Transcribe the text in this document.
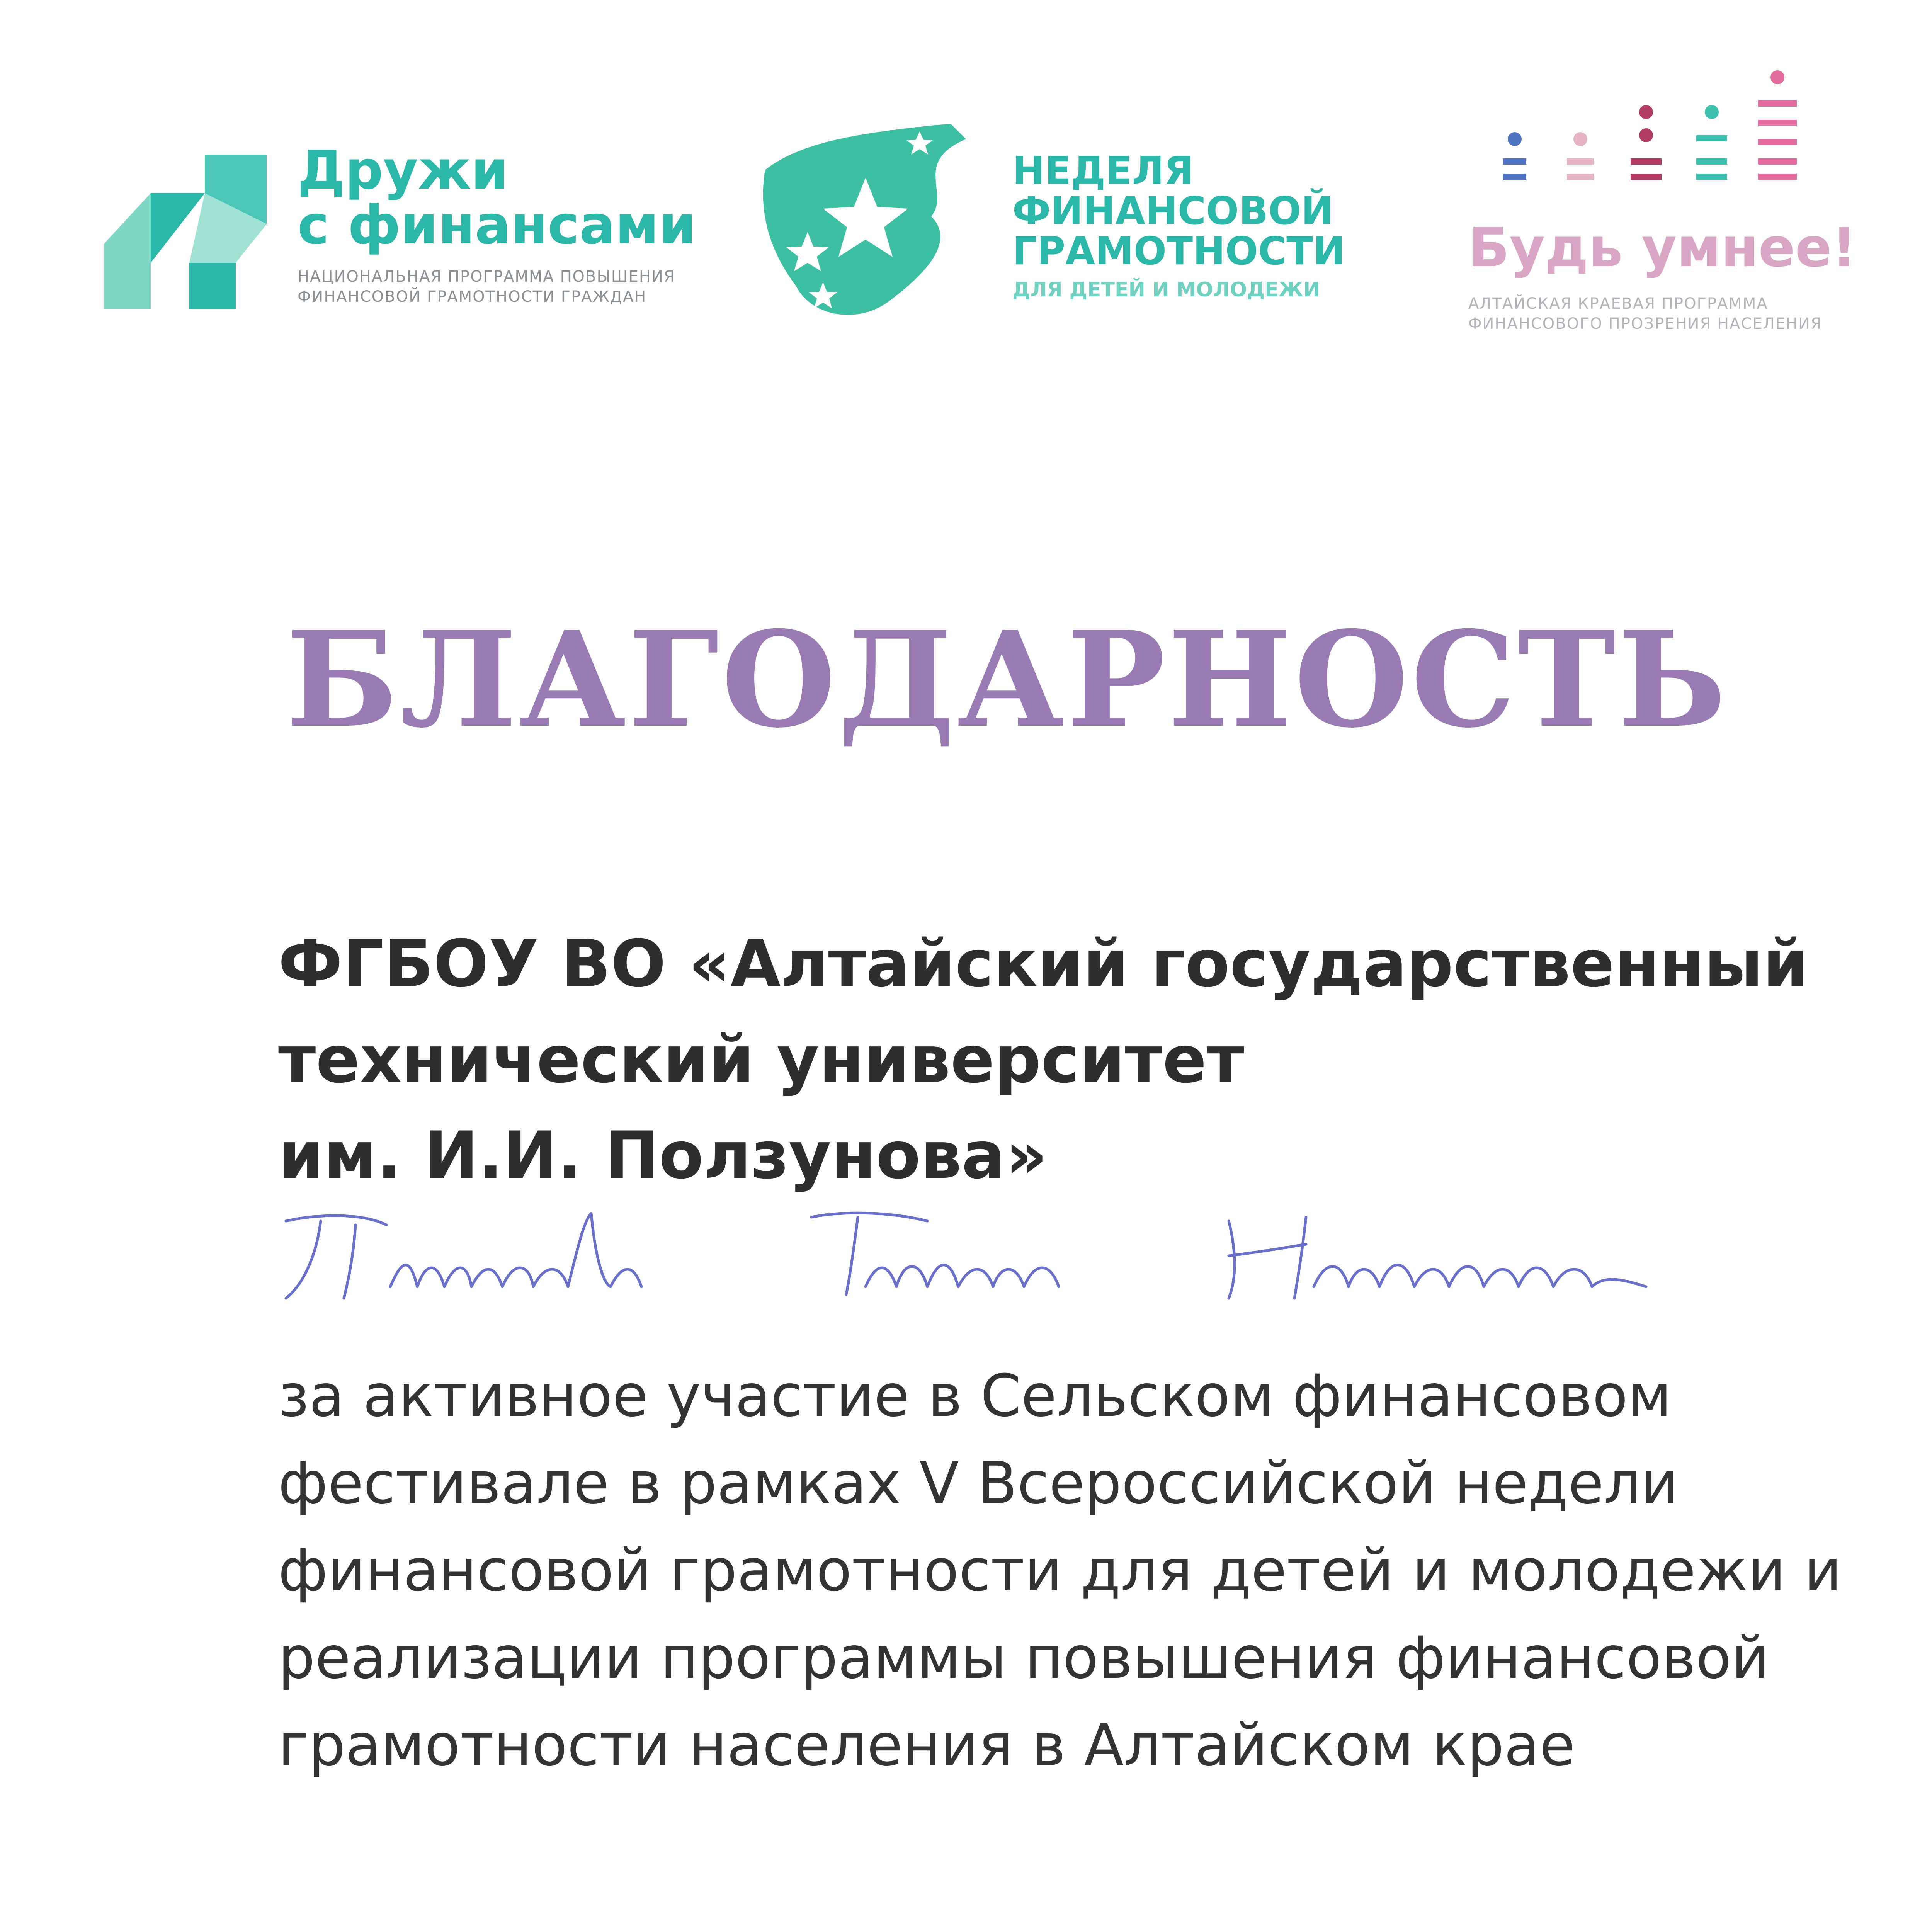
Дружи
с финансами
НАЦИОНАЛЬНАЯ ПРОГРАММА ПОВЫШЕНИЯ
ФИНАНСОВОЙ ГРАМОТНОСТИ ГРАЖДАН
НЕДЕЛЯ
ФИНАНСОВОЙ
ГРАМОТНОСТИ
ДЛЯ ДЕТЕЙ И МОЛОДЕЖИ
Будь умнее!
АЛТАЙСКАЯ КРАЕВАЯ ПРОГРАММА
ФИНАНСОВОГО ПРОЗРЕНИЯ НАСЕЛЕНИЯ
БЛАГОДАРНОСТЬ
ФГБОУ ВО «Алтайский государственный
технический университет
им. И.И. Ползунова»
за активное участие в Сельском финансовом
фестивале в рамках V Всероссийской недели
финансовой грамотности для детей и молодежи и
реализации программы повышения финансовой
грамотности населения в Алтайском крае
